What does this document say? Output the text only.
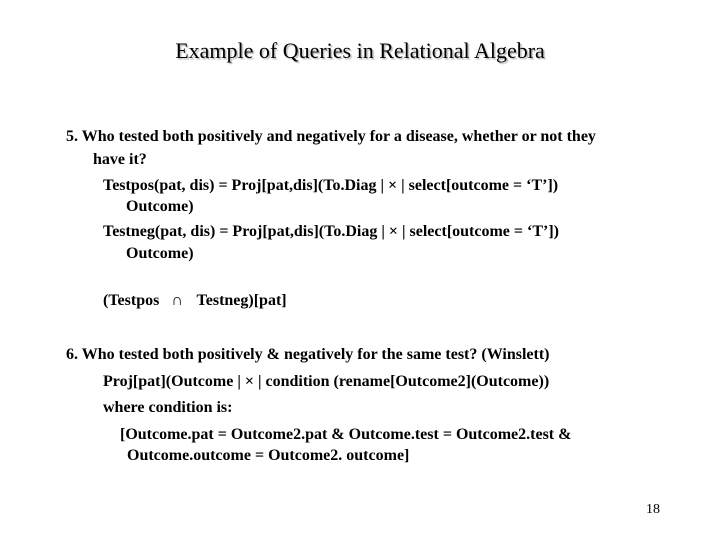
Example of Queries in Relational Algebra
5. Who tested both positively and negatively for a disease, whether or not they
have it?
Testpos(pat, dis) = Proj[pat,dis](To.Diag | × | select[outcome = ‘T’])
Outcome)
Testneg(pat, dis) = Proj[pat,dis](To.Diag | × | select[outcome = ‘T’])
Outcome)
(Testpos ∩ Testneg)[pat]
6. Who tested both positively & negatively for the same test? (Winslett)
Proj[pat](Outcome | × | condition (rename[Outcome2](Outcome))
where condition is:
[Outcome.pat = Outcome2.pat & Outcome.test = Outcome2.test &
Outcome.outcome = Outcome2. outcome]
18
